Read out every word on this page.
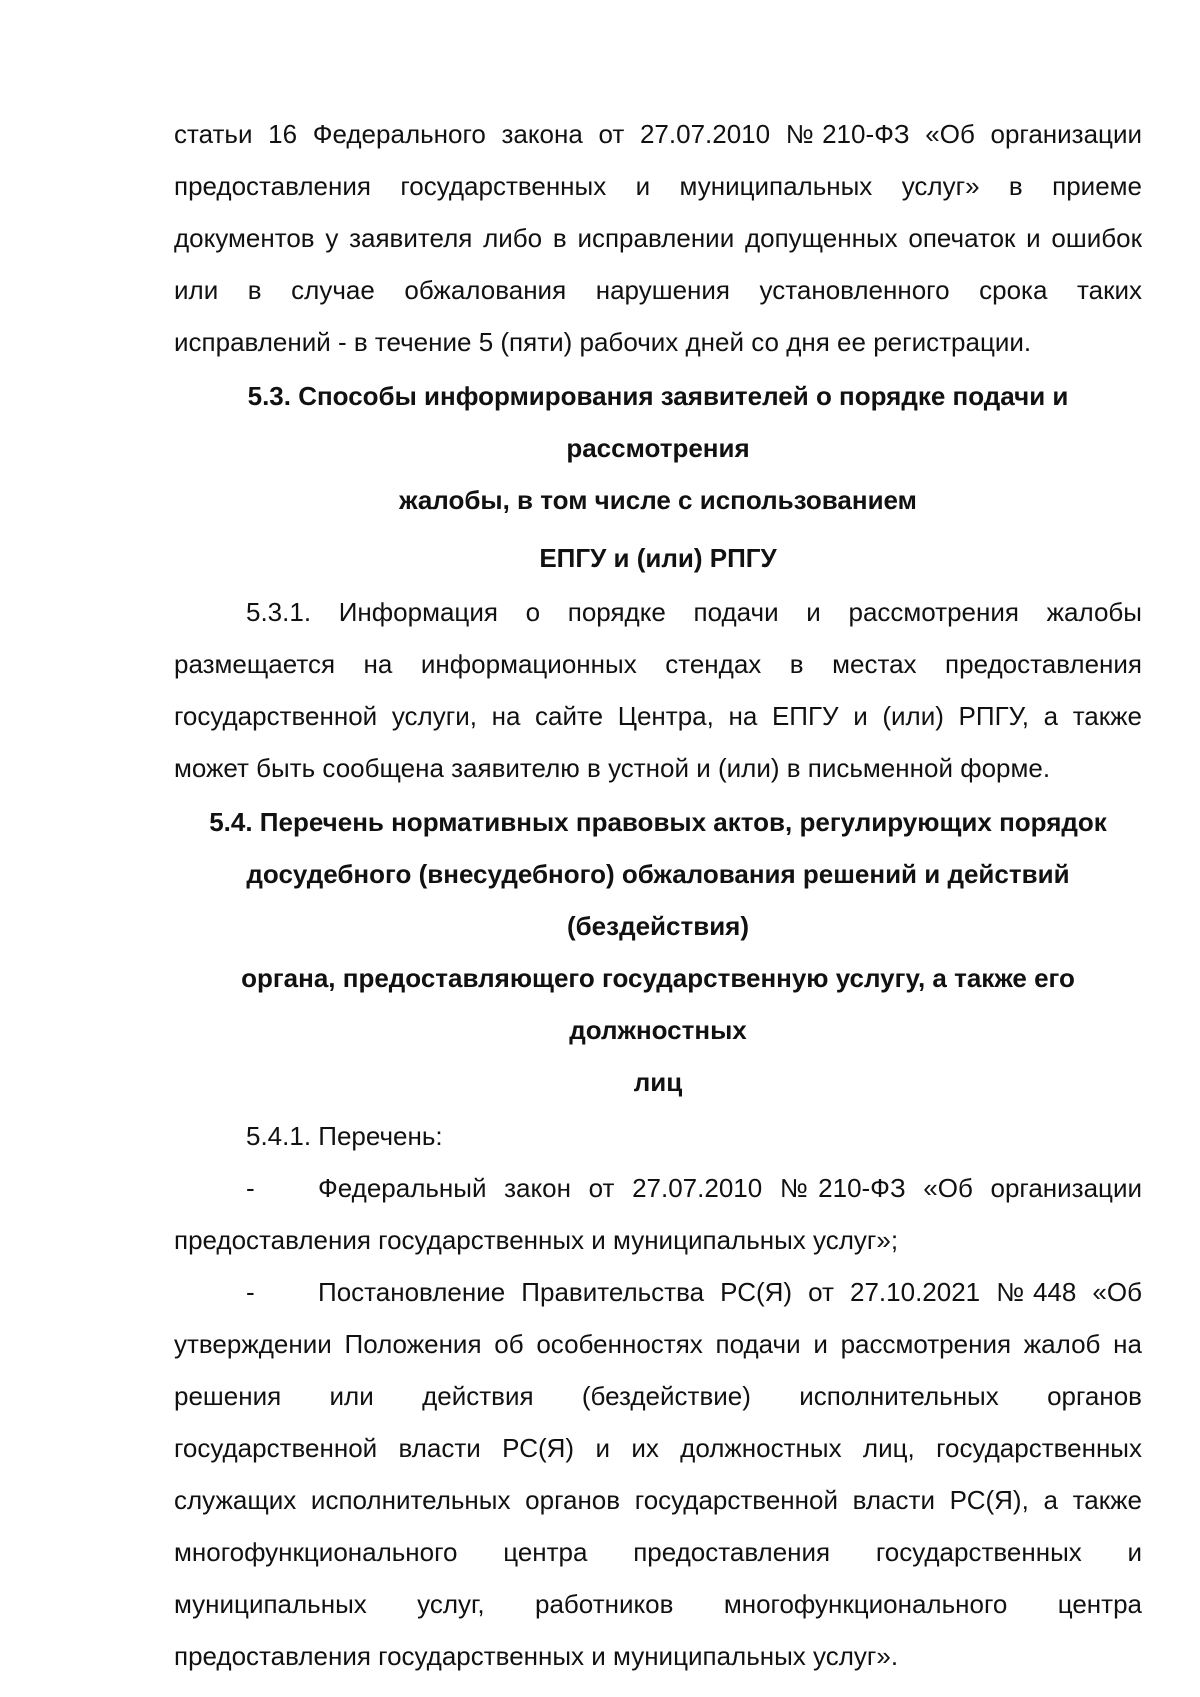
статьи 16 Федерального закона от 27.07.2010 №210-ФЗ «Об организации предоставления государственных и муниципальных услуг» в приеме документов у заявителя либо в исправлении допущенных опечаток и ошибок или в случае обжалования нарушения установленного срока таких исправлений - в течение 5 (пяти) рабочих дней со дня ее регистрации.

5.3. Способы информирования заявителей о порядке подачи и рассмотрения

жалобы, в том числе с использованием

ЕПГУ и (или) РПГУ

5.3.1. Информация о порядке подачи и рассмотрения жалобы размещается на информационных стендах в местах предоставления государственной услуги, на сайте Центра, на ЕПГУ и (или) РПГУ, а также может быть сообщена заявителю в устной и (или) в письменной форме.

5.4. Перечень нормативных правовых актов, регулирующих порядок

досудебного (внесудебного) обжалования решений и действий (бездействия)

органа, предоставляющего государственную услугу, а также его должностных

лиц

5.4.1. Перечень:

- Федеральный закон от 27.07.2010 №210-ФЗ «Об организации предоставления государственных и муниципальных услуг»;

- Постановление Правительства РС(Я) от 27.10.2021 №448 «Об утверждении Положения об особенностях подачи и рассмотрения жалоб на решения или действия (бездействие) исполнительных органов государственной власти РС(Я) и их должностных лиц, государственных служащих исполнительных органов государственной власти РС(Я), а также многофункционального центра предоставления государственных и муниципальных услуг, работников многофункционального центра предоставления государственных и муниципальных услуг».
